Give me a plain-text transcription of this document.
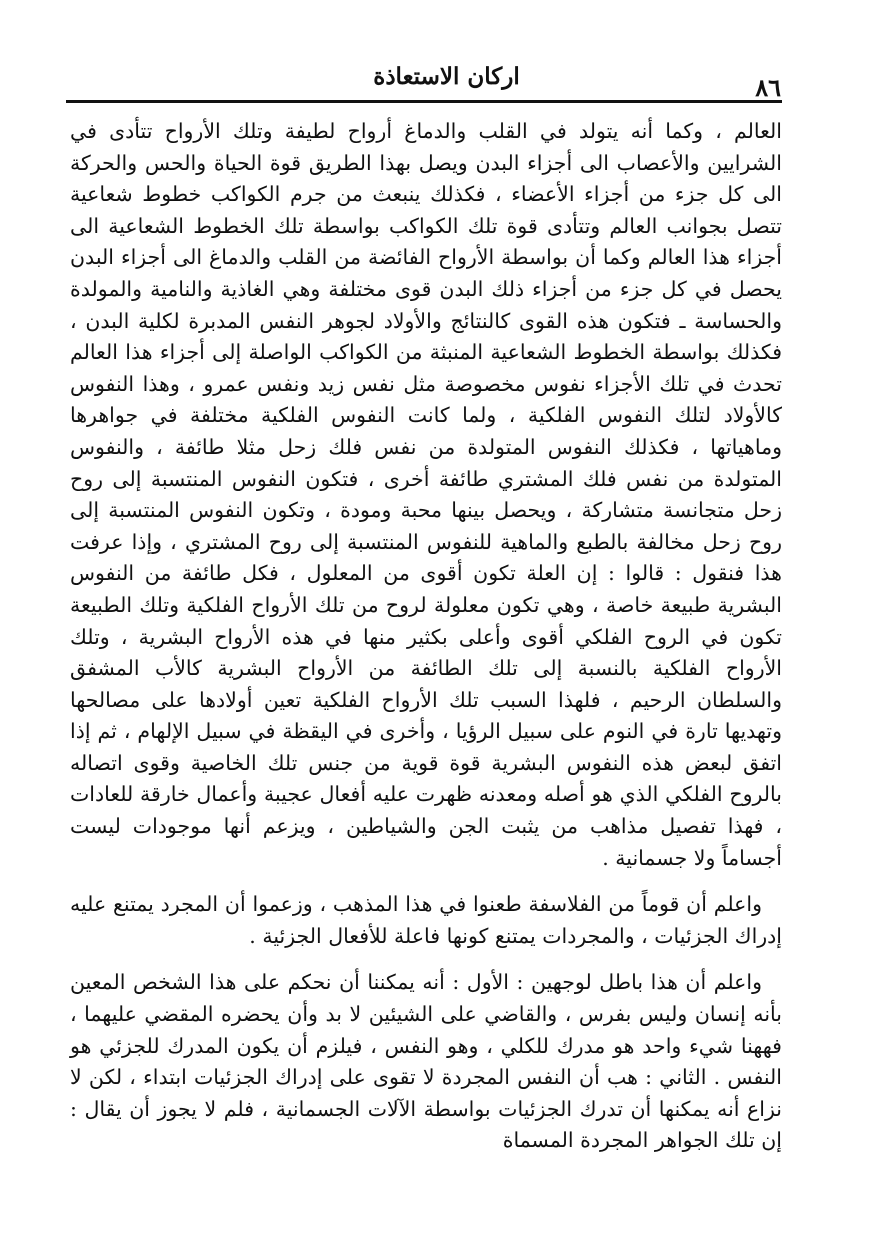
اركان الاستعاذة	٨٦

العالم ، وكما أنه يتولد في القلب والدماغ أرواح لطيفة وتلك الأرواح تتأدى في الشرايين والأعصاب الى أجزاء البدن ويصل بهذا الطريق قوة الحياة والحس والحركة الى كل جزء من أجزاء الأعضاء ، فكذلك ينبعث من جرم الكواكب خطوط شعاعية تتصل بجوانب العالم وتتأدى قوة تلك الكواكب بواسطة تلك الخطوط الشعاعية الى أجزاء هذا العالم وكما أن بواسطة الأرواح الفائضة من القلب والدماغ الى أجزاء البدن يحصل في كل جزء من أجزاء ذلك البدن قوى مختلفة وهي الغاذية والنامية والمولدة والحساسة ـ فتكون هذه القوى كالنتائج والأولاد لجوهر النفس المدبرة لكلية البدن ، فكذلك بواسطة الخطوط الشعاعية المنبثة من الكواكب الواصلة إلى أجزاء هذا العالم تحدث في تلك الأجزاء نفوس مخصوصة مثل نفس زيد ونفس عمرو ، وهذا النفوس كالأولاد لتلك النفوس الفلكية ، ولما كانت النفوس الفلكية مختلفة في جواهرها وماهياتها ، فكذلك النفوس المتولدة من نفس فلك زحل مثلا طائفة ، والنفوس المتولدة من نفس فلك المشتري طائفة أخرى ، فتكون النفوس المنتسبة إلى روح زحل متجانسة متشاركة ، ويحصل بينها محبة ومودة ، وتكون النفوس المنتسبة إلى روح زحل مخالفة بالطبع والماهية للنفوس المنتسبة إلى روح المشتري ، وإذا عرفت هذا فنقول : قالوا : إن العلة تكون أقوى من المعلول ، فكل طائفة من النفوس البشرية طبيعة خاصة ، وهي تكون معلولة لروح من تلك الأرواح الفلكية وتلك الطبيعة تكون في الروح الفلكي أقوى وأعلى بكثير منها في هذه الأرواح البشرية ، وتلك الأرواح الفلكية بالنسبة إلى تلك الطائفة من الأرواح البشرية كالأب المشفق والسلطان الرحيم ، فلهذا السبب تلك الأرواح الفلكية تعين أولادها على مصالحها وتهديها تارة في النوم على سبيل الرؤيا ، وأخرى في اليقظة في سبيل الإلهام ، ثم إذا اتفق لبعض هذه النفوس البشرية قوة قوية من جنس تلك الخاصية وقوى اتصاله بالروح الفلكي الذي هو أصله ومعدنه ظهرت عليه أفعال عجيبة وأعمال خارقة للعادات ، فهذا تفصيل مذاهب من يثبت الجن والشياطين ، ويزعم أنها موجودات ليست أجساماً ولا جسمانية .

واعلم أن قوماً من الفلاسفة طعنوا في هذا المذهب ، وزعموا أن المجرد يمتنع عليه إدراك الجزئيات ، والمجردات يمتنع كونها فاعلة للأفعال الجزئية .

واعلم أن هذا باطل لوجهين : الأول : أنه يمكننا أن نحكم على هذا الشخص المعين بأنه إنسان وليس بفرس ، والقاضي على الشيئين لا بد وأن يحضره المقضي عليهما ، فههنا شيء واحد هو مدرك للكلي ، وهو النفس ، فيلزم أن يكون المدرك للجزئي هو النفس . الثاني : هب أن النفس المجردة لا تقوى على إدراك الجزئيات ابتداء ، لكن لا نزاع أنه يمكنها أن تدرك الجزئيات بواسطة الآلات الجسمانية ، فلم لا يجوز أن يقال : إن تلك الجواهر المجردة المسماة
